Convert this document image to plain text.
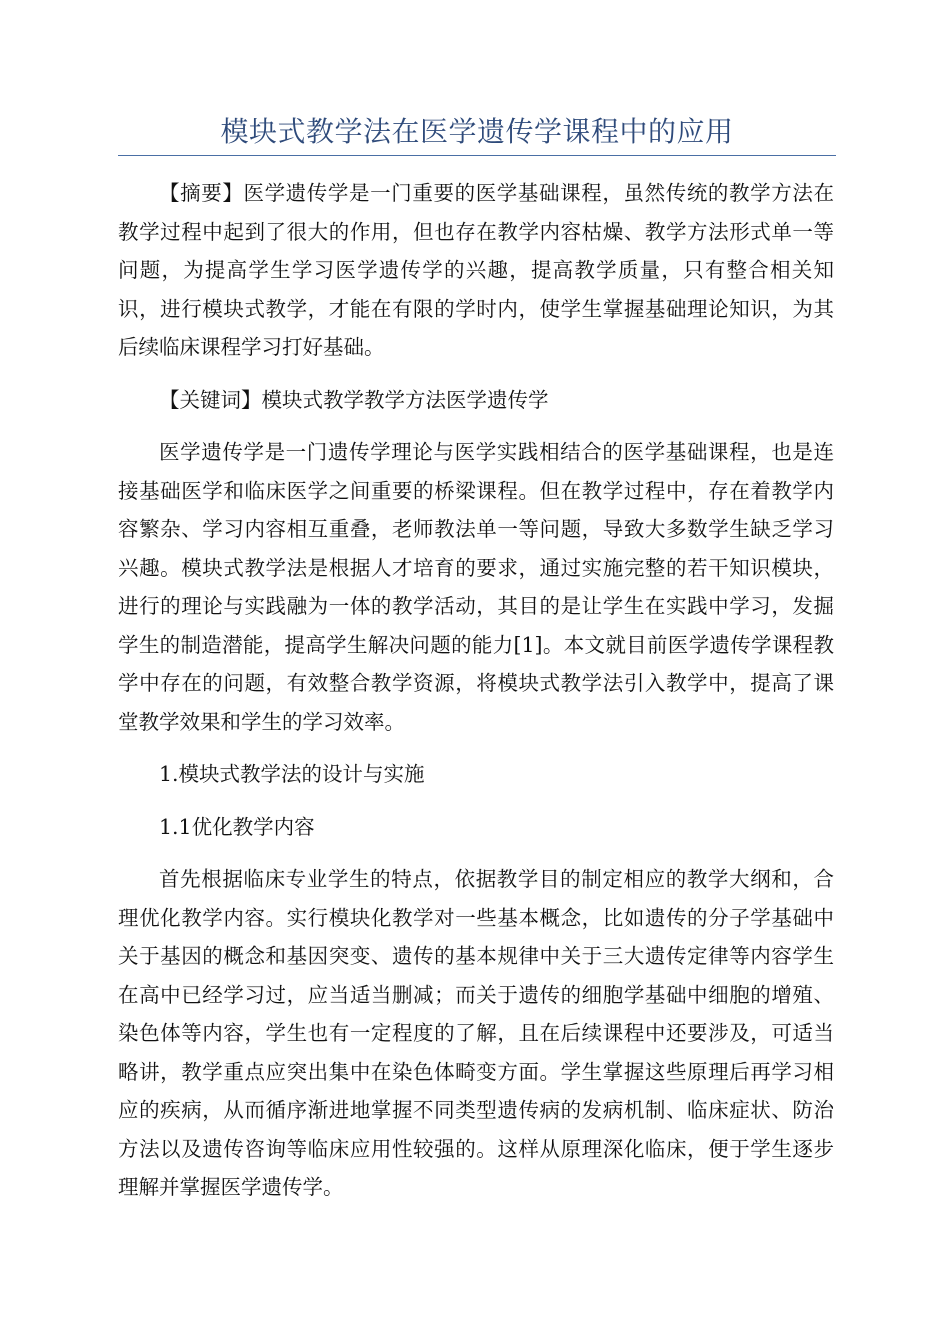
模块式教学法在医学遗传学课程中的应用

【摘要】医学遗传学是一门重要的医学基础课程，虽然传统的教学方法在教学过程中起到了很大的作用，但也存在教学内容枯燥、教学方法形式单一等问题，为提高学生学习医学遗传学的兴趣，提高教学质量，只有整合相关知识，进行模块式教学，才能在有限的学时内，使学生掌握基础理论知识，为其后续临床课程学习打好基础。

【关键词】模块式教学教学方法医学遗传学

医学遗传学是一门遗传学理论与医学实践相结合的医学基础课程，也是连接基础医学和临床医学之间重要的桥梁课程。但在教学过程中，存在着教学内容繁杂、学习内容相互重叠，老师教法单一等问题，导致大多数学生缺乏学习兴趣。模块式教学法是根据人才培育的要求，通过实施完整的若干知识模块，进行的理论与实践融为一体的教学活动，其目的是让学生在实践中学习，发掘学生的制造潜能，提高学生解决问题的能力[1]。本文就目前医学遗传学课程教学中存在的问题，有效整合教学资源，将模块式教学法引入教学中，提高了课堂教学效果和学生的学习效率。

1.模块式教学法的设计与实施

1.1优化教学内容

首先根据临床专业学生的特点，依据教学目的制定相应的教学大纲和，合理优化教学内容。实行模块化教学对一些基本概念，比如遗传的分子学基础中关于基因的概念和基因突变、遗传的基本规律中关于三大遗传定律等内容学生在高中已经学习过，应当适当删减；而关于遗传的细胞学基础中细胞的增殖、染色体等内容，学生也有一定程度的了解，且在后续课程中还要涉及，可适当略讲，教学重点应突出集中在染色体畸变方面。学生掌握这些原理后再学习相应的疾病，从而循序渐进地掌握不同类型遗传病的发病机制、临床症状、防治方法以及遗传咨询等临床应用性较强的。这样从原理深化临床，便于学生逐步理解并掌握医学遗传学。
